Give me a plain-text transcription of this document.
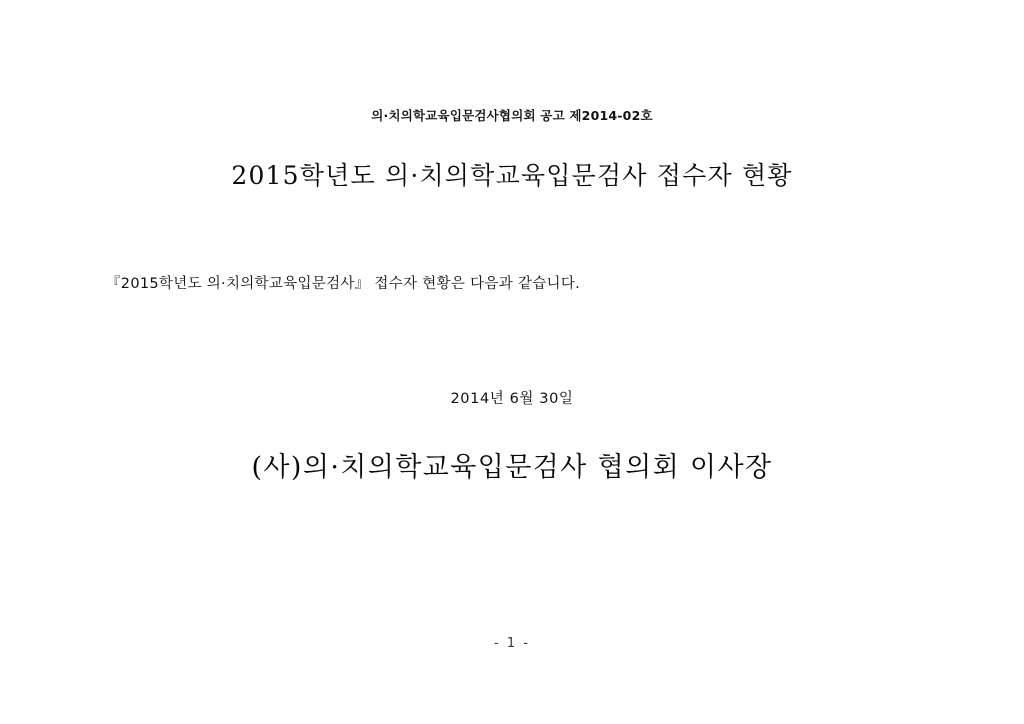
의·치의학교육입문검사협의회 공고 제2014-02호
2015학년도 의·치의학교육입문검사 접수자 현황
『2015학년도 의·치의학교육입문검사』 접수자 현황은 다음과 같습니다.
2014년 6월 30일
(사)의·치의학교육입문검사 협의회 이사장
- 1 -
